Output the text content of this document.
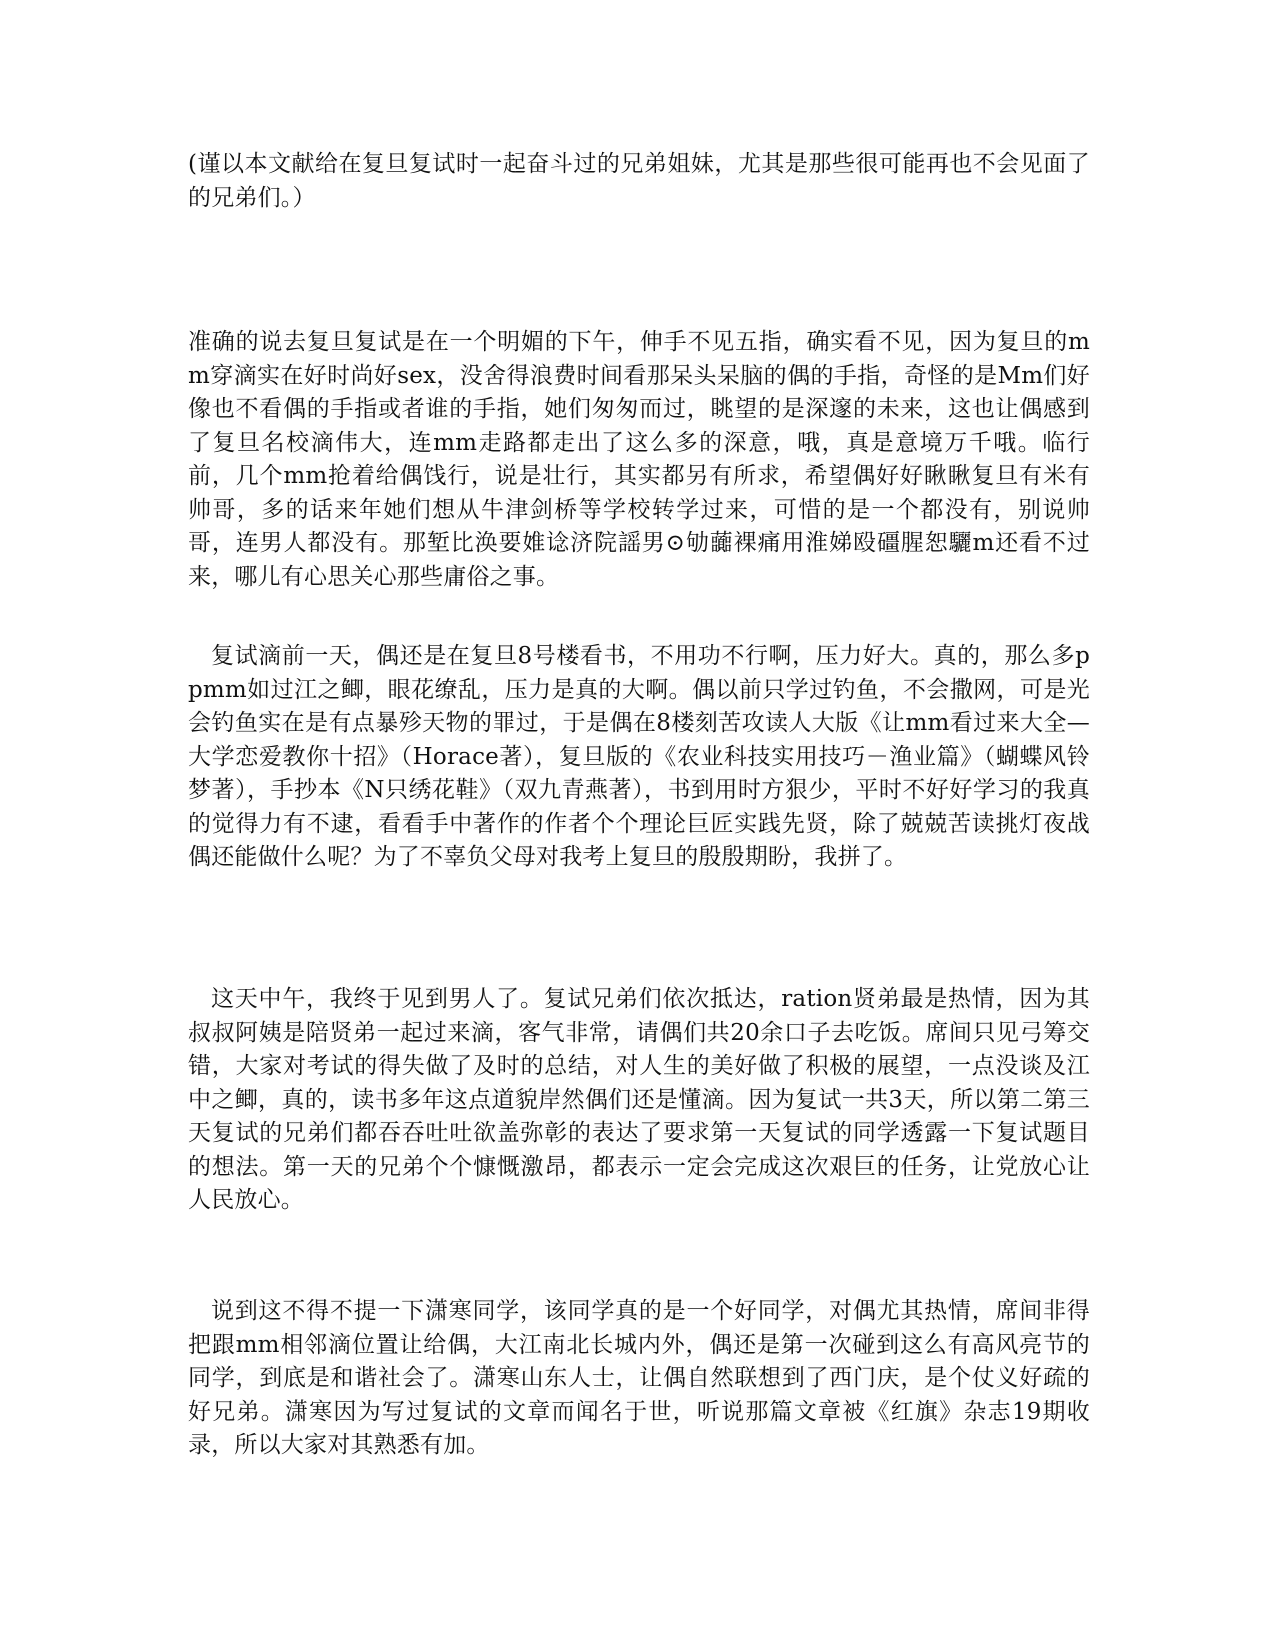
(谨以本文献给在复旦复试时一起奋斗过的兄弟姐妹，尤其是那些很可能再也不会见面了的兄弟们。）

准确的说去复旦复试是在一个明媚的下午，伸手不见五指，确实看不见，因为复旦的mm穿滴实在好时尚好sex，没舍得浪费时间看那呆头呆脑的偶的手指，奇怪的是Mm们好像也不看偶的手指或者谁的手指，她们匆匆而过，眺望的是深邃的未来，这也让偶感到了复旦名校滴伟大，连mm走路都走出了这么多的深意，哦，真是意境万千哦。临行前，几个mm抢着给偶饯行，说是壮行，其实都另有所求，希望偶好好瞅瞅复旦有米有帅哥，多的话来年她们想从牛津剑桥等学校转学过来，可惜的是一个都没有，别说帅哥，连男人都没有。那堑比涣要婎谂济院謡男⊙劬虈裸痛用淮娣殴礓腥恕驪m还看不过来，哪儿有心思关心那些庸俗之事。

复试滴前一天，偶还是在复旦8号楼看书，不用功不行啊，压力好大。真的，那么多ppmm如过江之鲫，眼花缭乱，压力是真的大啊。偶以前只学过钓鱼，不会撒网，可是光会钓鱼实在是有点暴殄天物的罪过，于是偶在8楼刻苦攻读人大版《让mm看过来大全—大学恋爱教你十招》（Horace著），复旦版的《农业科技实用技巧－渔业篇》（蝴蝶风铃梦著），手抄本《N只绣花鞋》（双九青燕著），书到用时方狠少，平时不好好学习的我真的觉得力有不逮，看看手中著作的作者个个理论巨匠实践先贤，除了兢兢苦读挑灯夜战偶还能做什么呢？为了不辜负父母对我考上复旦的殷殷期盼，我拼了。

这天中午，我终于见到男人了。复试兄弟们依次抵达，ration贤弟最是热情，因为其叔叔阿姨是陪贤弟一起过来滴，客气非常，请偶们共20余口子去吃饭。席间只见弓筹交错，大家对考试的得失做了及时的总结，对人生的美好做了积极的展望，一点没谈及江中之鲫，真的，读书多年这点道貌岸然偶们还是懂滴。因为复试一共3天，所以第二第三天复试的兄弟们都吞吞吐吐欲盖弥彰的表达了要求第一天复试的同学透露一下复试题目的想法。第一天的兄弟个个慷慨激昂，都表示一定会完成这次艰巨的任务，让党放心让人民放心。

说到这不得不提一下潇寒同学，该同学真的是一个好同学，对偶尤其热情，席间非得把跟mm相邻滴位置让给偶，大江南北长城内外，偶还是第一次碰到这么有高风亮节的同学，到底是和谐社会了。潇寒山东人士，让偶自然联想到了西门庆，是个仗义好疏的好兄弟。潇寒因为写过复试的文章而闻名于世，听说那篇文章被《红旗》杂志19期收录，所以大家对其熟悉有加。
